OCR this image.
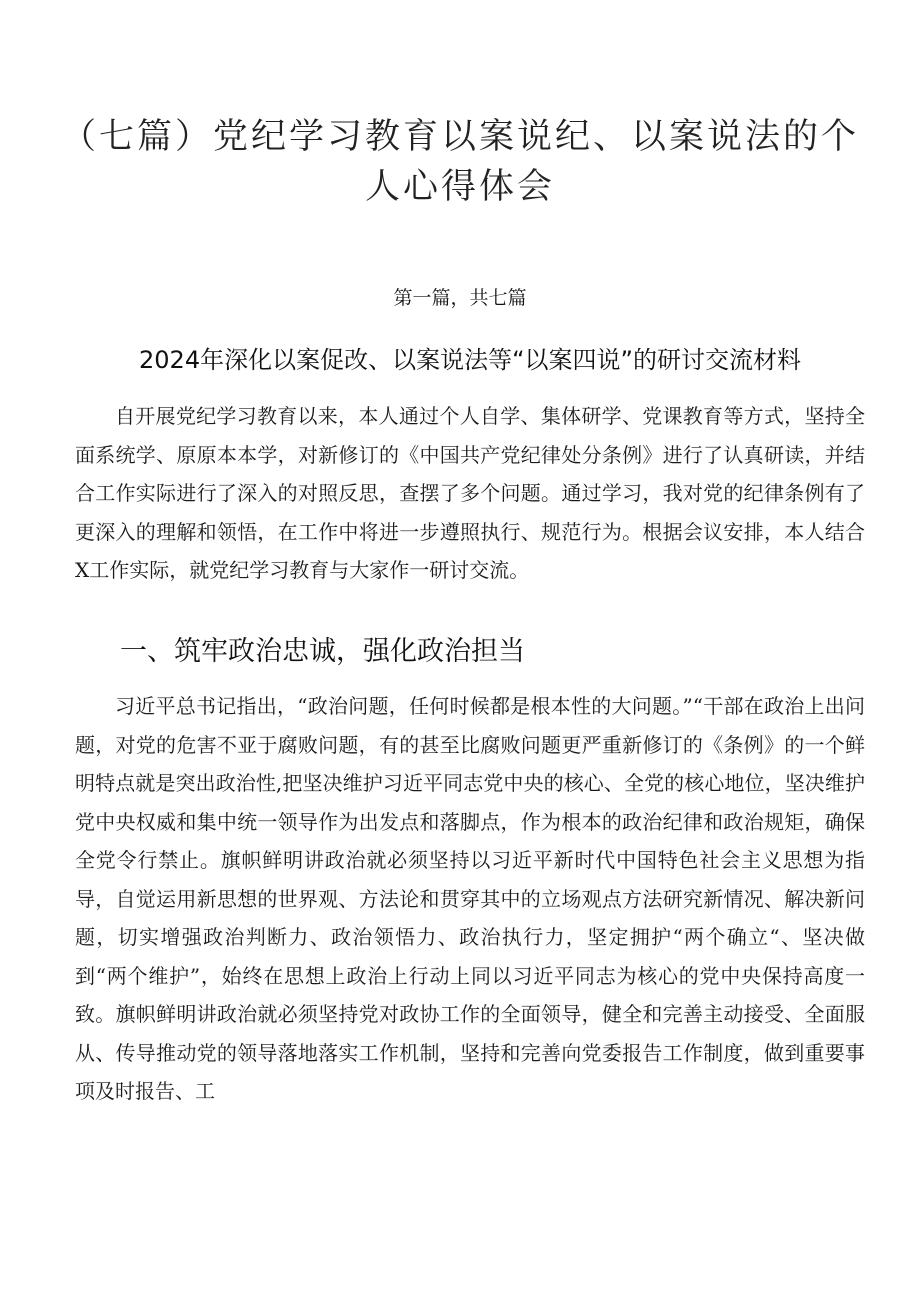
（七篇）党纪学习教育以案说纪、以案说法的个人心得体会
第一篇，共七篇
2024年深化以案促改、以案说法等“以案四说”的研讨交流材料

自开展党纪学习教育以来，本人通过个人自学、集体研学、党课教育等方式，坚持全面系统学、原原本本学，对新修订的《中国共产党纪律处分条例》进行了认真研读，并结合工作实际进行了深入的对照反思，查摆了多个问题。通过学习，我对党的纪律条例有了更深入的理解和领悟，在工作中将进一步遵照执行、规范行为。根据会议安排，本人结合X工作实际，就党纪学习教育与大家作一研讨交流。

一、筑牢政治忠诚，强化政治担当

习近平总书记指出，“政治问题，任何时候都是根本性的大问题。”“干部在政治上出问题，对党的危害不亚于腐败问题，有的甚至比腐败问题更严重新修订的《条例》的一个鲜明特点就是突出政治性,把坚决维护习近平同志党中央的核心、全党的核心地位，坚决维护党中央权威和集中统一领导作为出发点和落脚点，作为根本的政治纪律和政治规矩，确保全党令行禁止。旗帜鲜明讲政治就必须坚持以习近平新时代中国特色社会主义思想为指导，自觉运用新思想的世界观、方法论和贯穿其中的立场观点方法研究新情况、解决新问题，切实增强政治判断力、政治领悟力、政治执行力，坚定拥护“两个确立“、坚决做到“两个维护”，始终在思想上政治上行动上同以习近平同志为核心的党中央保持高度一致。旗帜鲜明讲政治就必须坚持党对政协工作的全面领导，健全和完善主动接受、全面服从、传导推动党的领导落地落实工作机制，坚持和完善向党委报告工作制度，做到重要事项及时报告、工
